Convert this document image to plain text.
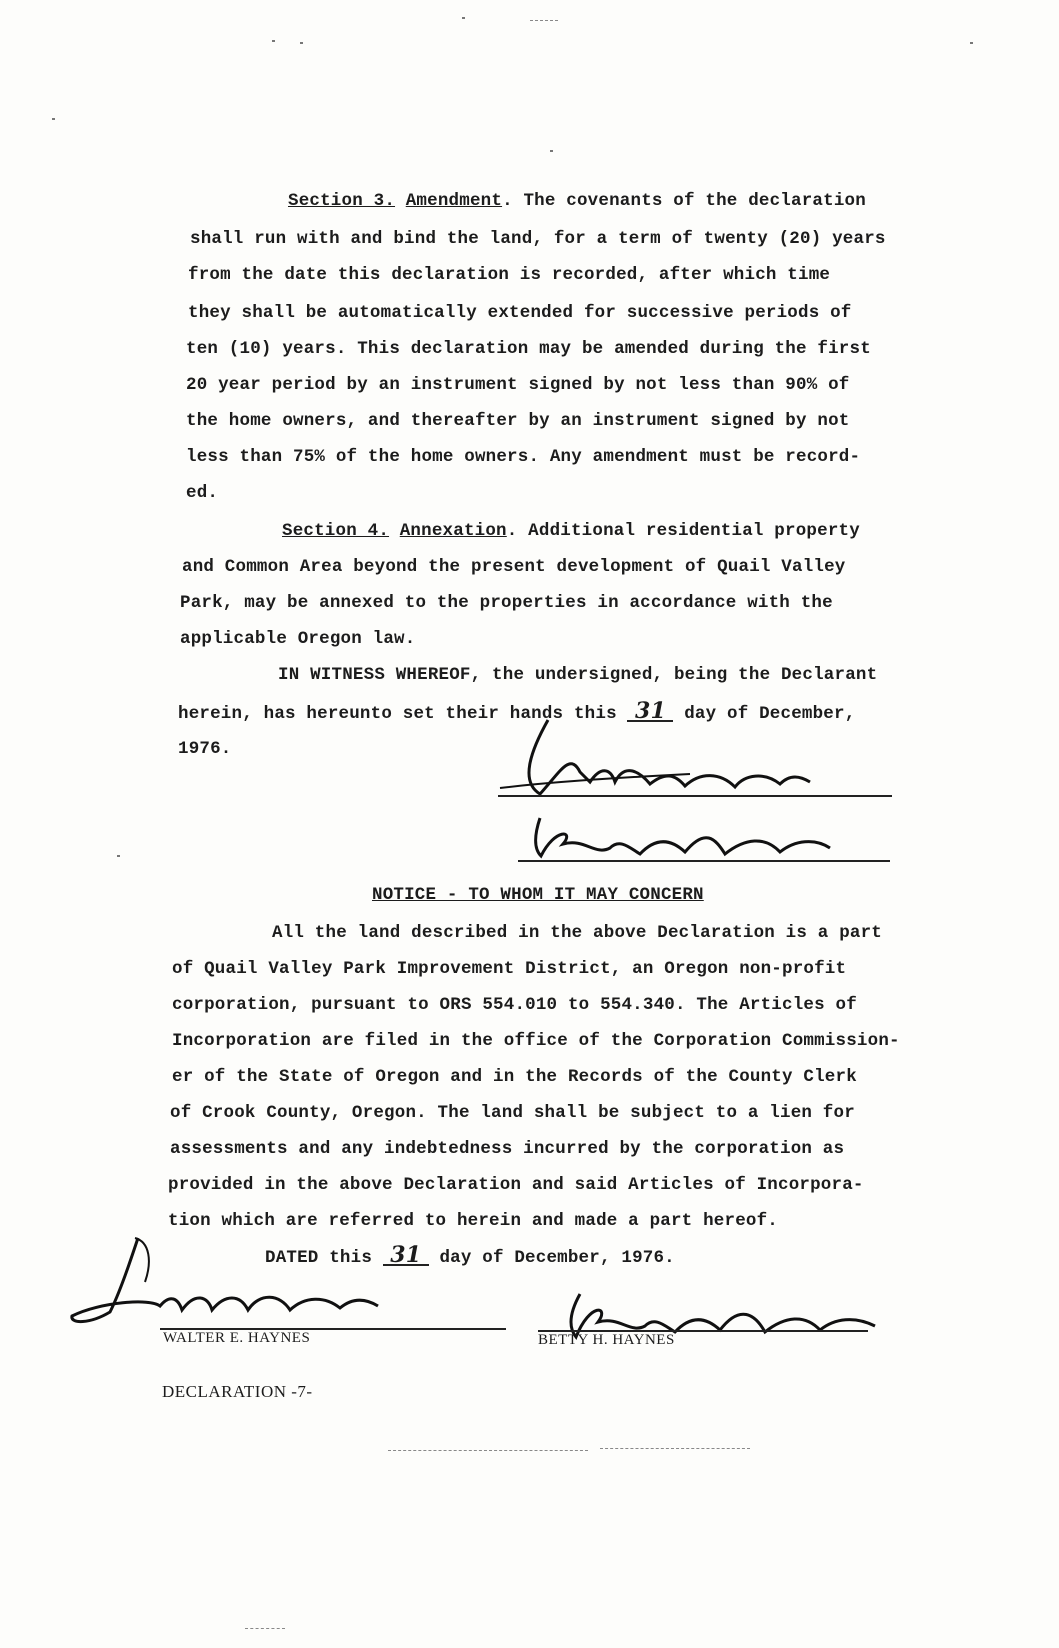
Section 3. Amendment. The covenants of the declaration
shall run with and bind the land, for a term of twenty (20) years
from the date this declaration is recorded, after which time
they shall be automatically extended for successive periods of
ten (10) years. This declaration may be amended during the first
20 year period by an instrument signed by not less than 90% of
the home owners, and thereafter by an instrument signed by not
less than 75% of the home owners. Any amendment must be record-
ed.
Section 4. Annexation. Additional residential property
and Common Area beyond the present development of Quail Valley
Park, may be annexed to the properties in accordance with the
applicable Oregon law.
IN WITNESS WHEREOF, the undersigned, being the Declarant
herein, has hereunto set their hands this 31 day of December,
1976.
NOTICE - TO WHOM IT MAY CONCERN
All the land described in the above Declaration is a part
of Quail Valley Park Improvement District, an Oregon non-profit
corporation, pursuant to ORS 554.010 to 554.340. The Articles of
Incorporation are filed in the office of the Corporation Commission-
er of the State of Oregon and in the Records of the County Clerk
of Crook County, Oregon. The land shall be subject to a lien for
assessments and any indebtedness incurred by the corporation as
provided in the above Declaration and said Articles of Incorpora-
tion which are referred to herein and made a part hereof.
DATED this 31 day of December, 1976.
WALTER E. HAYNES	BETTY H. HAYNES
DECLARATION -7-
